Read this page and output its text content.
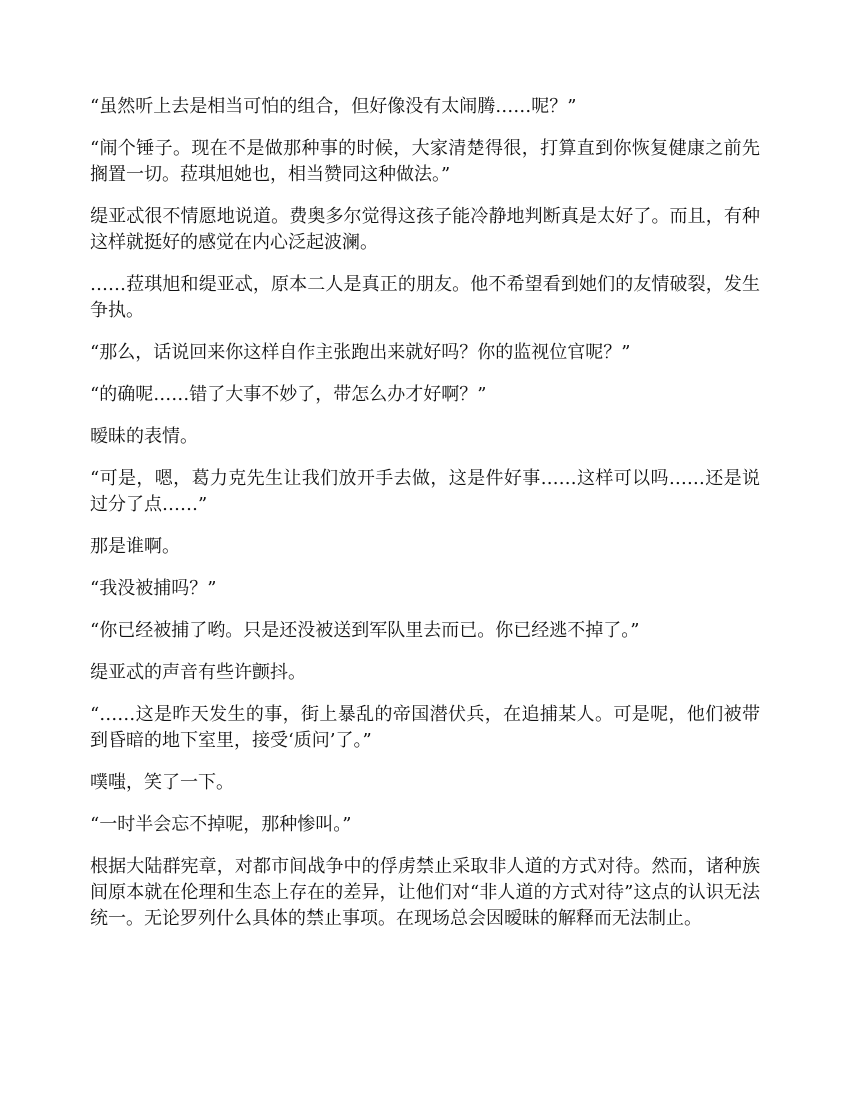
“虽然听上去是相当可怕的组合，但好像没有太闹腾……呢？”

“闹个锤子。现在不是做那种事的时候，大家清楚得很，打算直到你恢复健康之前先搁置一切。菈琪旭她也，相当赞同这种做法。”

缇亚忒很不情愿地说道。费奥多尔觉得这孩子能冷静地判断真是太好了。而且，有种这样就挺好的感觉在内心泛起波澜。

……菈琪旭和缇亚忒，原本二人是真正的朋友。他不希望看到她们的友情破裂，发生争执。

“那么，话说回来你这样自作主张跑出来就好吗？你的监视位官呢？”

“的确呢……错了大事不妙了，带怎么办才好啊？”

暧昧的表情。

“可是，嗯，葛力克先生让我们放开手去做，这是件好事……这样可以吗……还是说过分了点……”

那是谁啊。

“我没被捕吗？”

“你已经被捕了哟。只是还没被送到军队里去而已。你已经逃不掉了。”

缇亚忒的声音有些许颤抖。

“……这是昨天发生的事，街上暴乱的帝国潜伏兵，在追捕某人。可是呢，他们被带到昏暗的地下室里，接受‘质问’了。”

噗嗤，笑了一下。

“一时半会忘不掉呢，那种惨叫。”

根据大陆群宪章，对都市间战争中的俘虏禁止采取非人道的方式对待。然而，诸种族间原本就在伦理和生态上存在的差异，让他们对“非人道的方式对待”这点的认识无法统一。无论罗列什么具体的禁止事项。在现场总会因暧昧的解释而无法制止。
